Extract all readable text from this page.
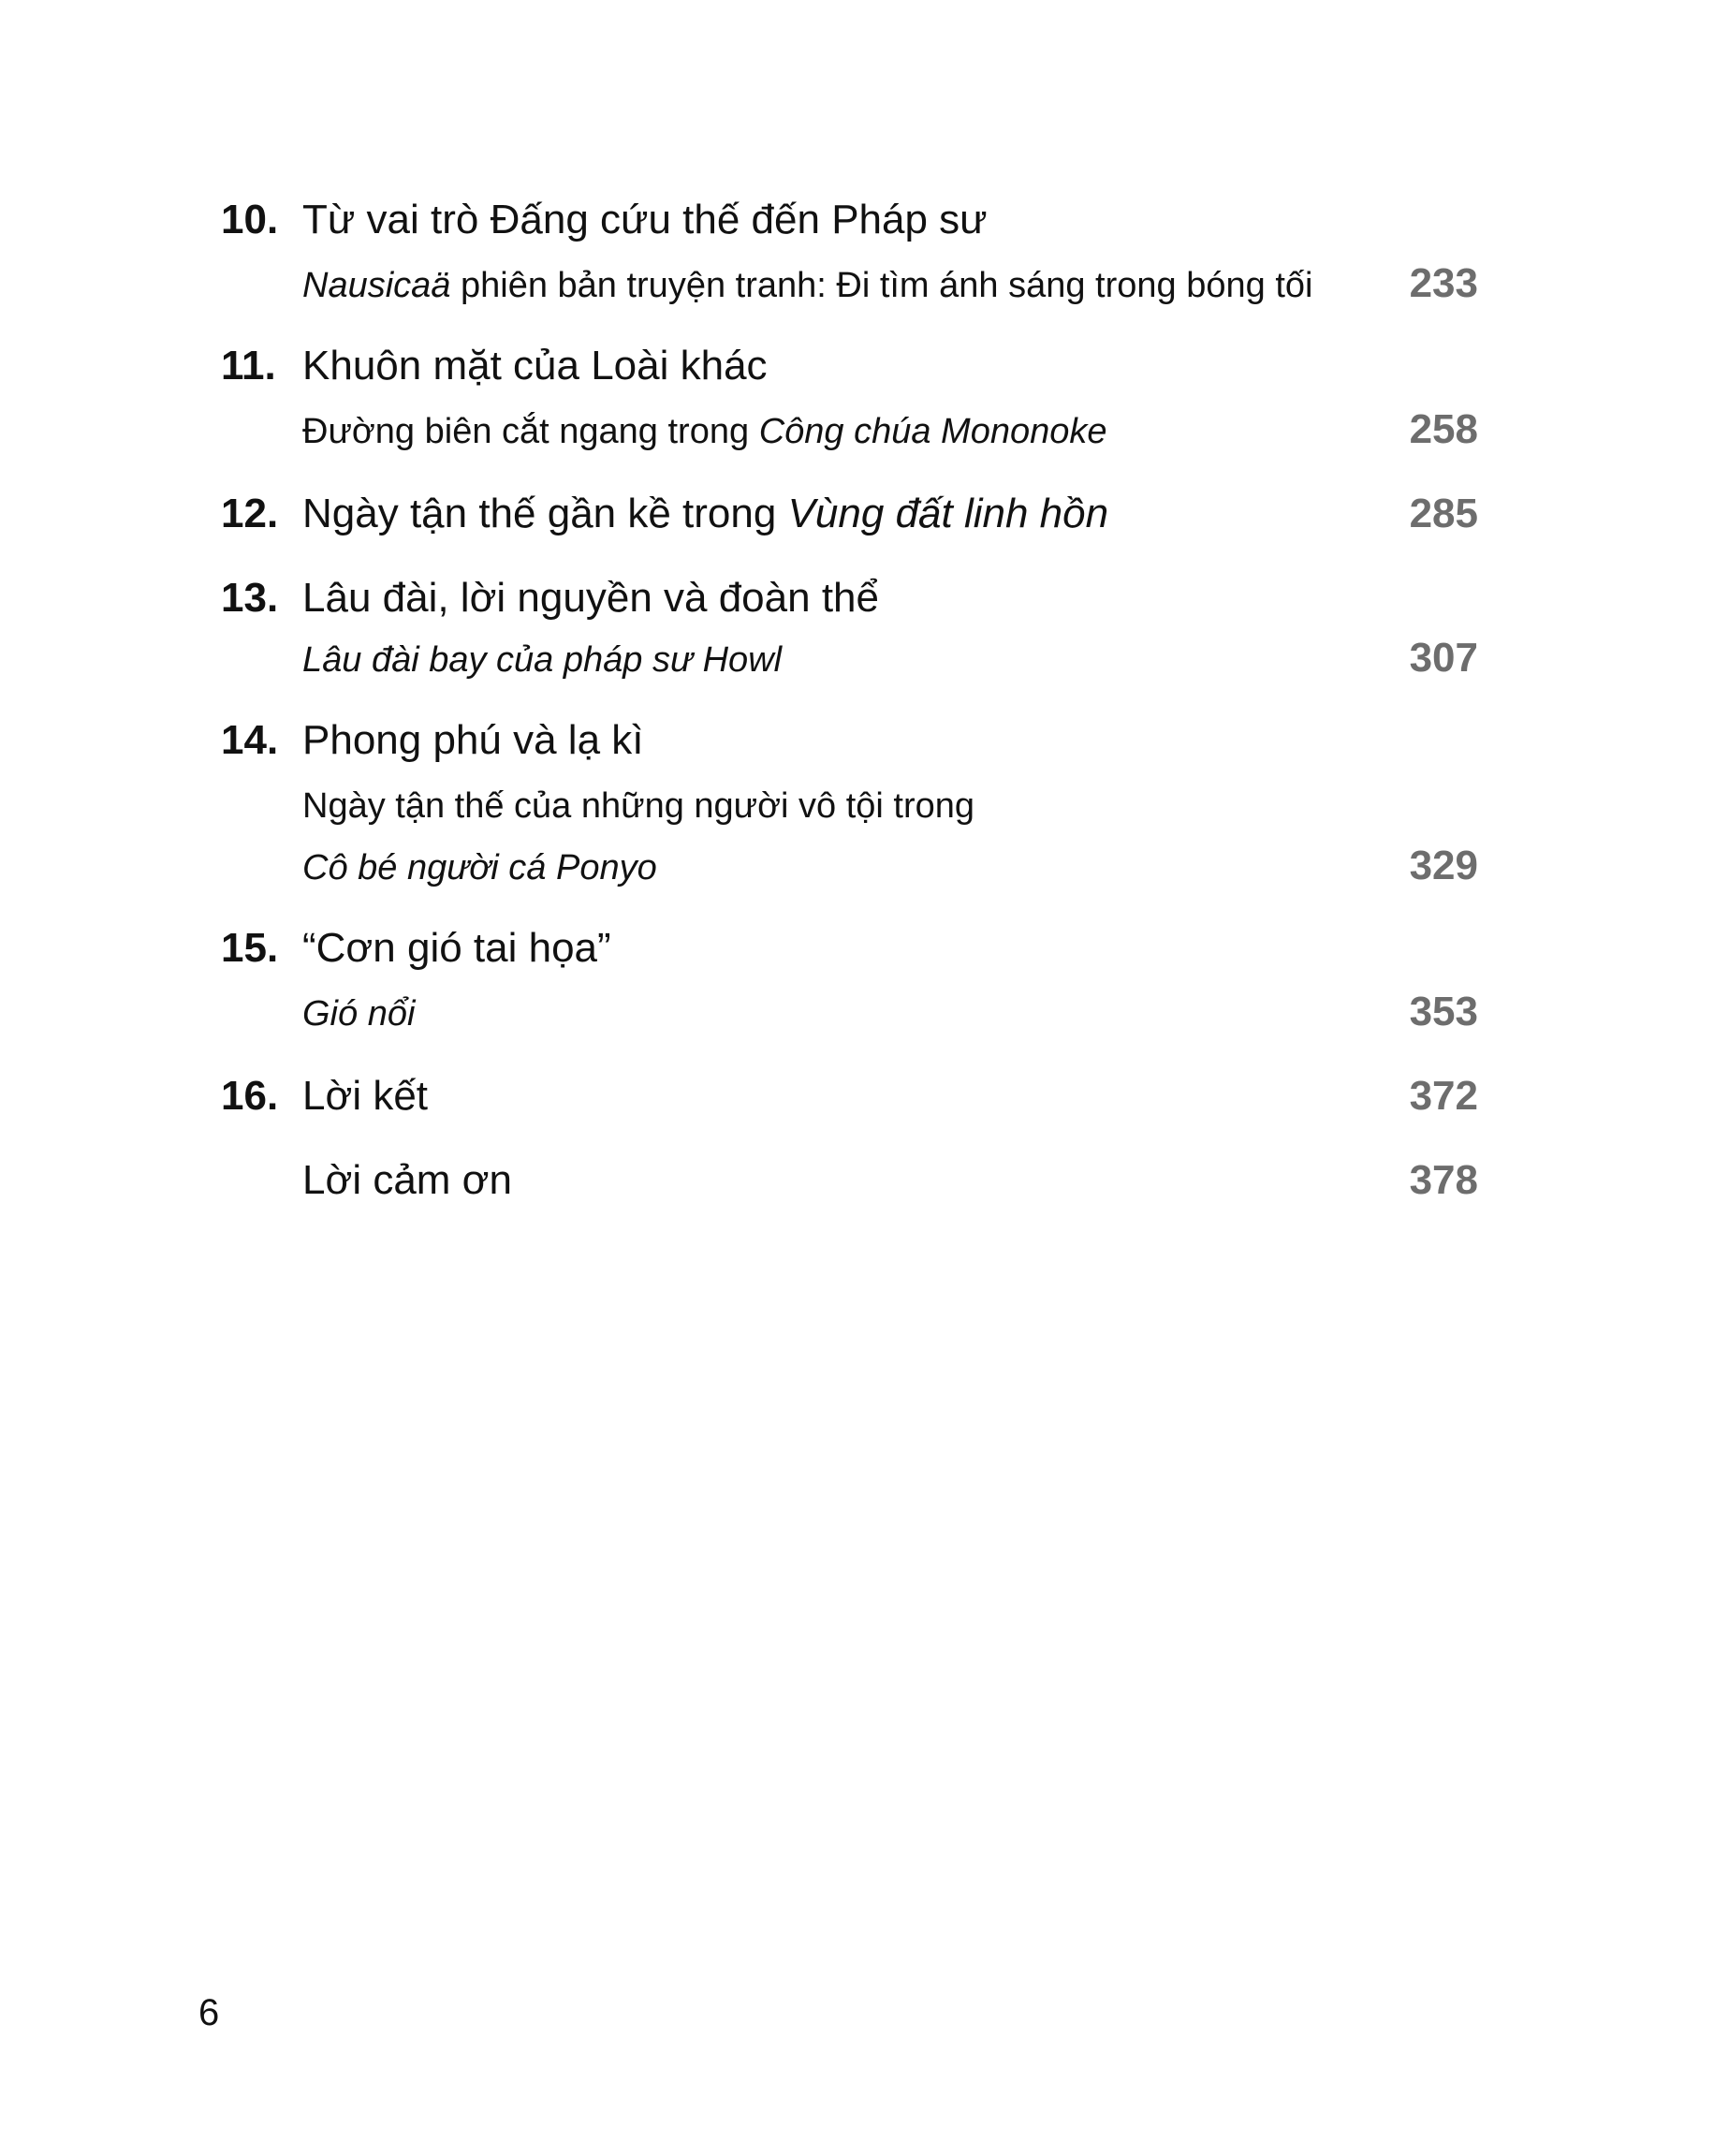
10. Từ vai trò Đấng cứu thế đến Pháp sư
Nausicaä phiên bản truyện tranh: Đi tìm ánh sáng trong bóng tối 233
11. Khuôn mặt của Loài khác
Đường biên cắt ngang trong Công chúa Mononoke	258
12. Ngày tận thế gần kề trong Vùng đất linh hồn	285
13. Lâu đài, lời nguyền và đoàn thể
Lâu đài bay của pháp sư Howl	307
14. Phong phú và lạ kì
Ngày tận thế của những người vô tội trong
Cô bé người cá Ponyo	329
15. “Cơn gió tai họa”
Gió nổi	353
16. Lời kết	372
Lời cảm ơn	378
6
